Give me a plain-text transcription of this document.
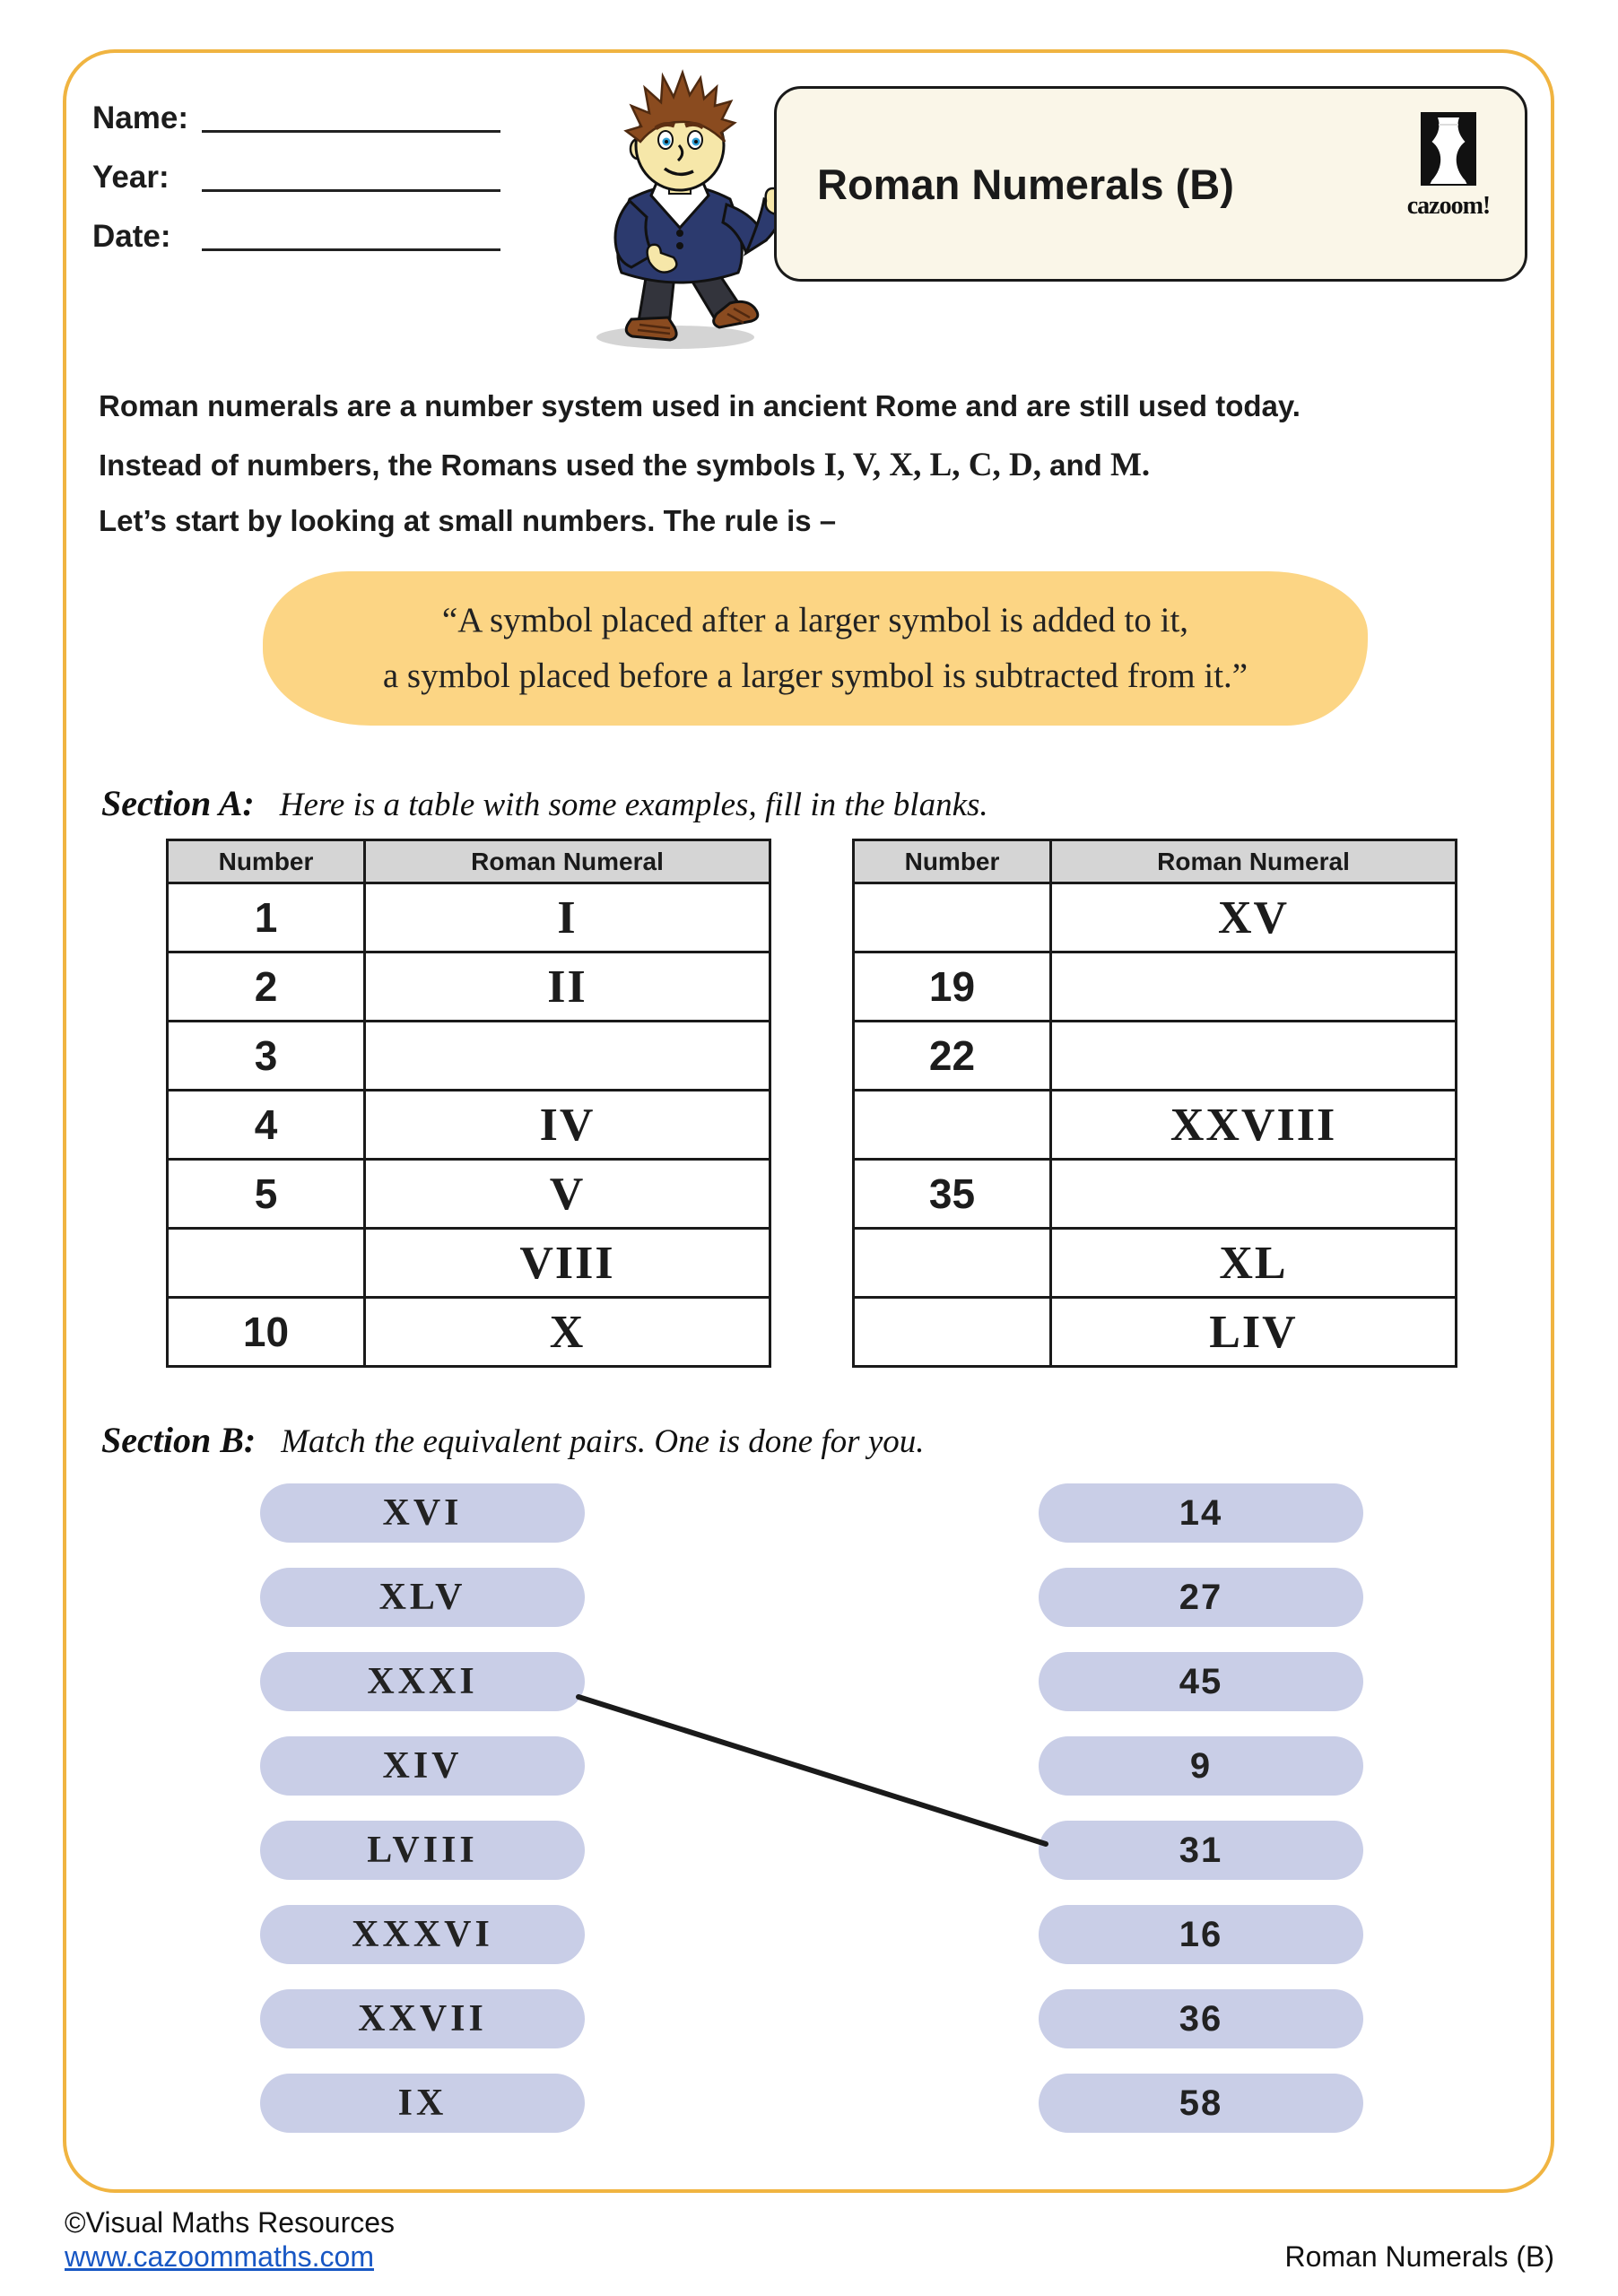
Name:
Year:
Date:
Roman Numerals (B)	cazoom!
Roman numerals are a number system used in ancient Rome and are still used today.
Instead of numbers, the Romans used the symbols I, V, X, L, C, D, and M.
Let’s start by looking at small numbers. The rule is –
“A symbol placed after a larger symbol is added to it,
a symbol placed before a larger symbol is subtracted from it.”
Section A: Here is a table with some examples, fill in the blanks.
Number	Roman Numeral
1	I
2	II
3	
4	IV
5	V
	VIII
10	X
Number	Roman Numeral
	XV
19	
22	
	XXVIII
35	
	XL
	LIV
Section B: Match the equivalent pairs. One is done for you.
XVI
XLV
XXXI
XIV
LVIII
XXXVI
XXVII
IX
14
27
45
9
31
16
36
58
©Visual Maths Resources
www.cazoommaths.com	Roman Numerals (B)
